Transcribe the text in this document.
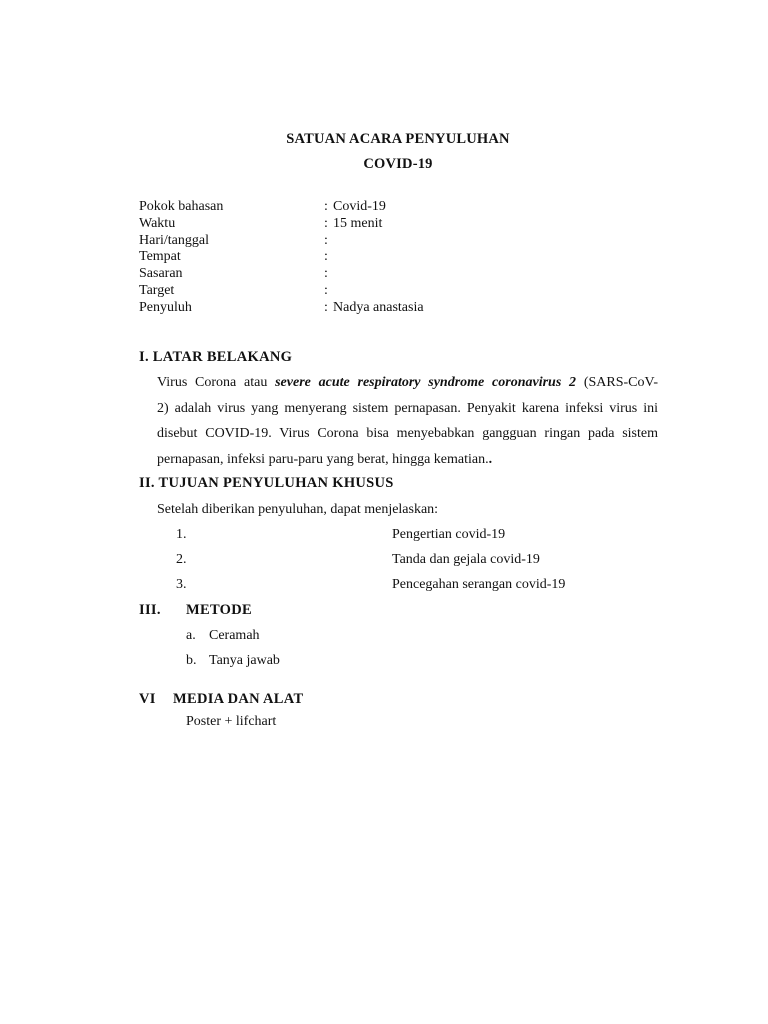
SATUAN ACARA PENYULUHAN
COVID-19
Pokok bahasan	: Covid-19
Waktu	: 15 menit
Hari/tanggal	:
Tempat	:
Sasaran	:
Target	:
Penyuluh	: Nadya anastasia
I. LATAR BELAKANG
Virus Corona atau severe acute respiratory syndrome coronavirus 2 (SARS-CoV-
2) adalah virus yang menyerang sistem pernapasan. Penyakit karena infeksi virus ini
disebut COVID-19. Virus Corona bisa menyebabkan gangguan ringan pada sistem
pernapasan, infeksi paru-paru yang berat, hingga kematian..
II. TUJUAN PENYULUHAN KHUSUS
Setelah diberikan penyuluhan, dapat menjelaskan:
1.	Pengertian covid-19
2.	Tanda dan gejala covid-19
3.	Pencegahan serangan covid-19
III. METODE
a. Ceramah
b. Tanya jawab
VI MEDIA DAN ALAT
Poster + lifchart
